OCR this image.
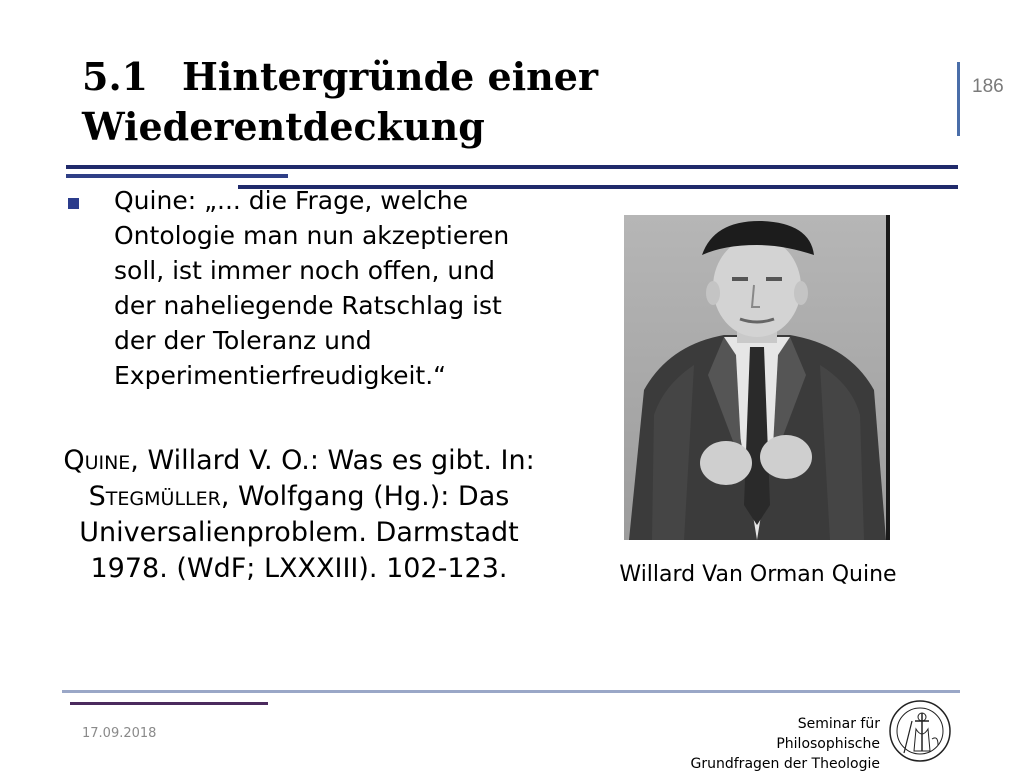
5.1 Hintergründe einer
Wiederentdeckung
186
Quine: „... die Frage, welche Ontologie man nun akzeptieren soll, ist immer noch offen, und der naheliegende Ratschlag ist der der Toleranz und Experimentierfreudigkeit.“
Quine, Willard V. O.: Was es gibt. In: Stegmüller, Wolfgang (Hg.): Das Universalienproblem. Darmstadt 1978. (WdF; LXXXIII). 102-123.	Willard Van Orman Quine
17.09.2018
Seminar für Philosophische
Grundfragen der Theologie
